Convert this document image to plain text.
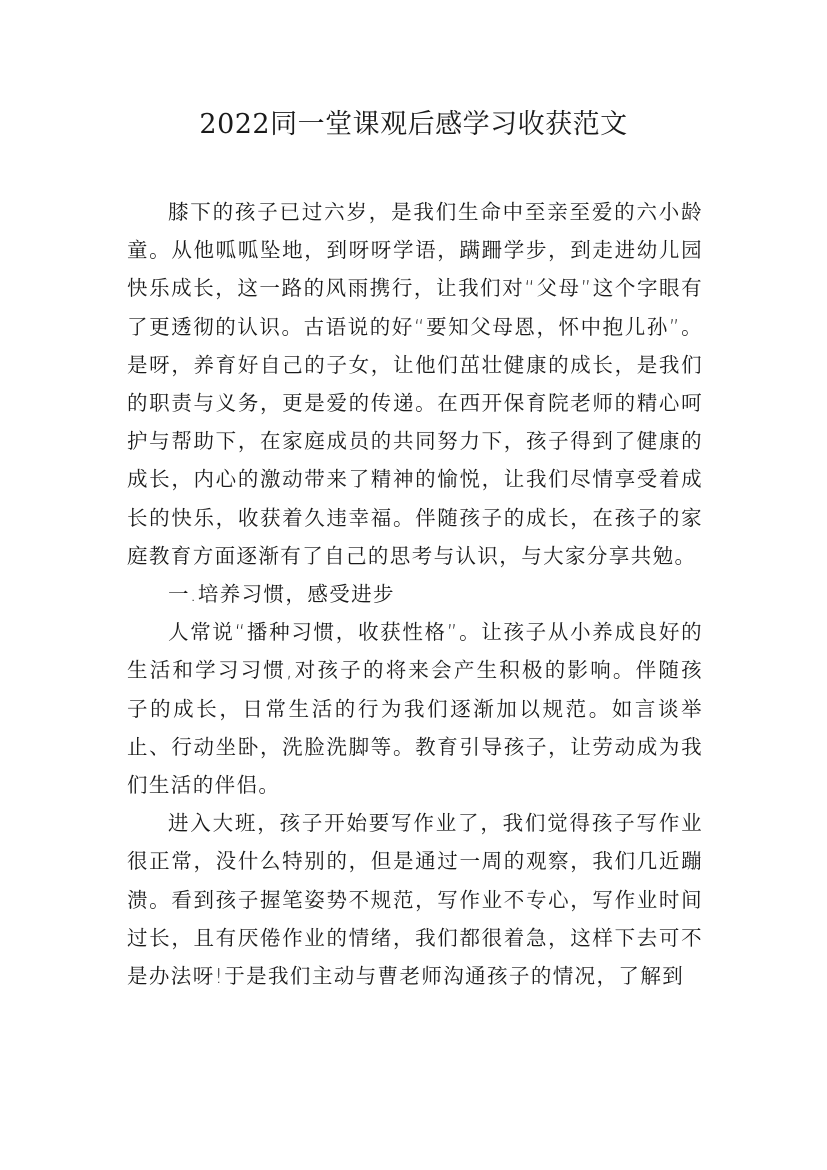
2022同一堂课观后感学习收获范文

膝下的孩子已过六岁，是我们生命中至亲至爱的六小龄童。从他呱呱坠地，到呀呀学语，蹒跚学步，到走进幼儿园快乐成长，这一路的风雨携行，让我们对“父母”这个字眼有了更透彻的认识。古语说的好“要知父母恩，怀中抱儿孙”。是呀，养育好自己的子女，让他们茁壮健康的成长，是我们的职责与义务，更是爱的传递。在西开保育院老师的精心呵护与帮助下，在家庭成员的共同努力下，孩子得到了健康的成长，内心的激动带来了精神的愉悦，让我们尽情享受着成长的快乐，收获着久违幸福。伴随孩子的成长，在孩子的家庭教育方面逐渐有了自己的思考与认识，与大家分享共勉。

一.培养习惯，感受进步

人常说“播种习惯，收获性格”。让孩子从小养成良好的生活和学习习惯,对孩子的将来会产生积极的影响。伴随孩子的成长，日常生活的行为我们逐渐加以规范。如言谈举止、行动坐卧，洗脸洗脚等。教育引导孩子，让劳动成为我们生活的伴侣。

进入大班，孩子开始要写作业了，我们觉得孩子写作业很正常，没什么特别的，但是通过一周的观察，我们几近蹦溃。看到孩子握笔姿势不规范，写作业不专心，写作业时间过长，且有厌倦作业的情绪，我们都很着急，这样下去可不是办法呀!于是我们主动与曹老师沟通孩子的情况，了解到
